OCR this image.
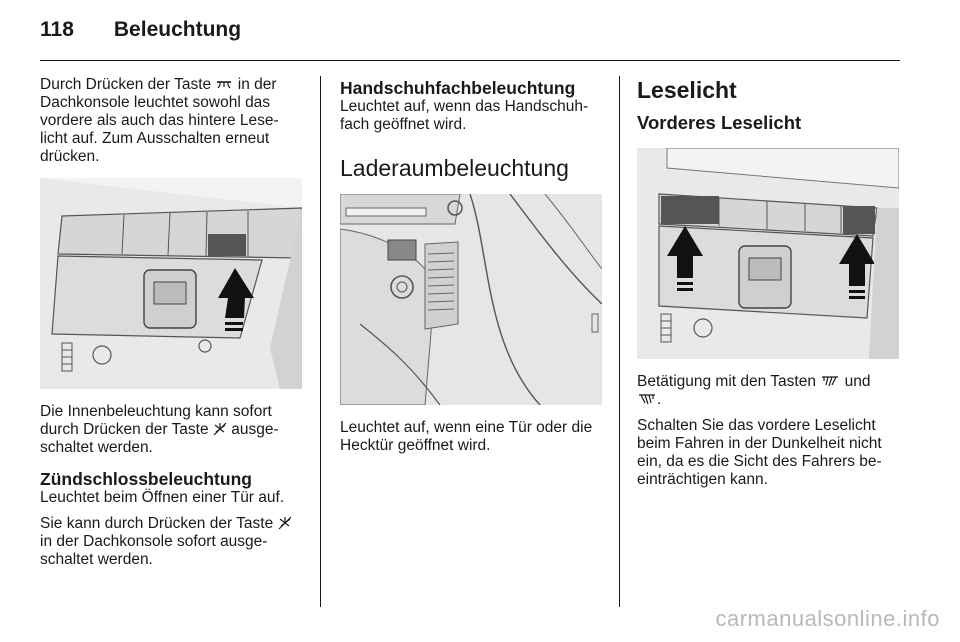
118 Beleuchtung

Durch Drücken der Taste in der Dachkonsole leuchtet sowohl das vordere als auch das hintere Lese-licht auf. Zum Ausschalten erneut drücken.

Die Innenbeleuchtung kann sofort durch Drücken der Taste ausge-schaltet werden.

Zündschlossbeleuchtung

Leuchtet beim Öffnen einer Tür auf.

Sie kann durch Drücken der Taste  in der Dachkonsole sofort ausge-schaltet werden.

Handschuhfachbeleuchtung

Leuchtet auf, wenn das Handschuh-fach geöffnet wird.

Laderaumbeleuchtung

Leuchtet auf, wenn eine Tür oder die Hecktür geöffnet wird.

Leselicht
Vorderes Leselicht

Betätigung mit den Tasten und
.

Schalten Sie das vordere Leselicht beim Fahren in der Dunkelheit nicht ein, da es die Sicht des Fahrers be-einträchtigen kann.

carmanualsonline.info
